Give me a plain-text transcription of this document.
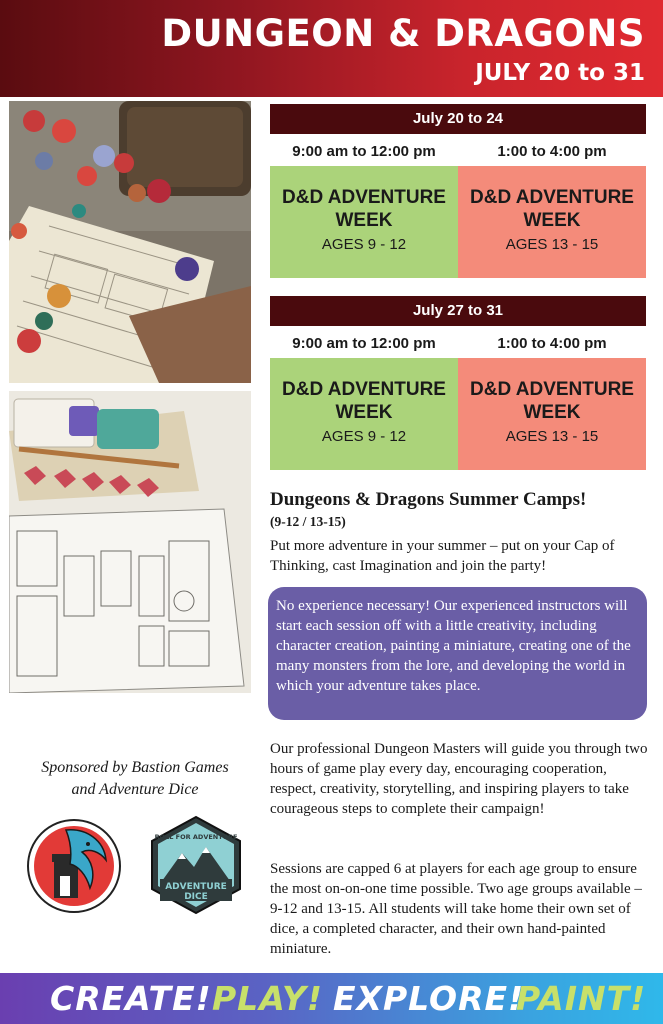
DUNGEON & DRAGONS
JULY 20 to 31
July 20 to 24
9:00 am to 12:00 pm	1:00 to 4:00 pm
D&D ADVENTURE
WEEK
AGES 9 - 12
D&D ADVENTURE
WEEK
AGES 13 - 15
July 27 to 31
9:00 am to 12:00 pm	1:00 to 4:00 pm
D&D ADVENTURE
WEEK
AGES 9 - 12
D&D ADVENTURE
WEEK
AGES 13 - 15
Dungeons & Dragons Summer Camps!
(9-12 / 13-15)
Put more adventure in your summer – put on your Cap of Thinking, cast Imagination and join the party!
No experience necessary! Our experienced instructors will start each session off with a little creativity, including character creation, painting a miniature, creating one of the many monsters from the lore, and developing the world in which your adventure takes place.
Our professional Dungeon Masters will guide you through two hours of game play every day, encouraging cooperation, respect, creativity, storytelling, and inspiring players to take courageous steps to complete their campaign!
Sessions are capped 6 at players for each age group to ensure the most on-on-one time possible. Two age groups available – 9-12 and 13-15. All students will take home their own set of dice, a completed character, and their own hand-painted miniature.
Sponsored by Bastion Games
and Adventure Dice
ADVENTURE
DICE
ROLL FOR ADVENTURE
CREATE! PLAY! EXPLORE!
PAINT!
